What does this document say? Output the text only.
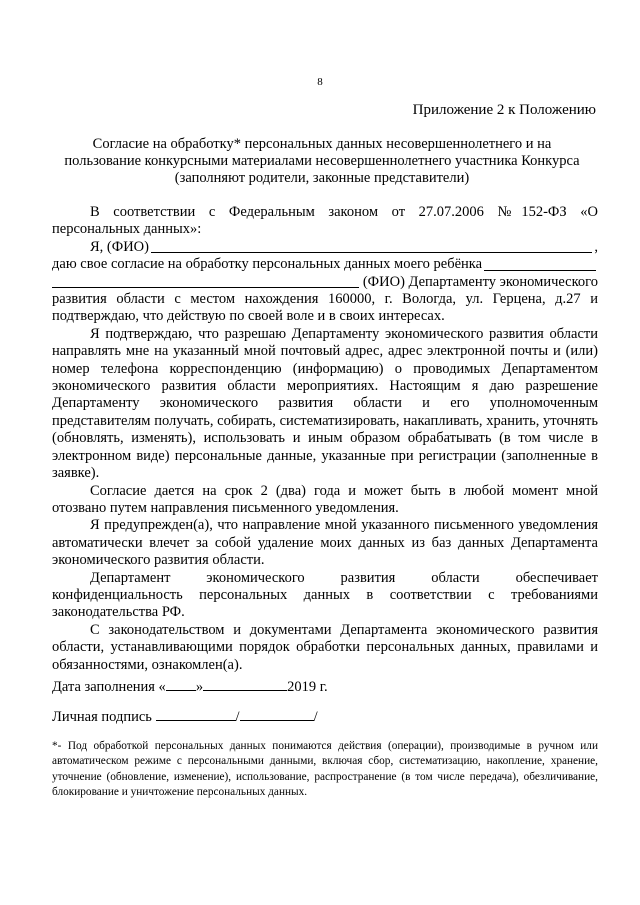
8
Приложение 2 к Положению
Согласие на обработку* персональных данных несовершеннолетнего и на
пользование конкурсными материалами несовершеннолетнего участника Конкурса
(заполняют родители, законные представители)

В соответствии с Федеральным законом от 27.07.2006 №152-ФЗ «О персональных данных»:

Я, (ФИО)	,
даю свое согласие на обработку персональных данных моего ребёнка
(ФИО) Департаменту экономического

развития области с местом нахождения 160000, г. Вологда, ул. Герцена, д.27 и подтверждаю, что действую по своей воле и в своих интересах.

Я подтверждаю, что разрешаю Департаменту экономического развития области направлять мне на указанный мной почтовый адрес, адрес электронной почты и (или) номер телефона корреспонденцию (информацию) о проводимых Департаментом экономического развития области мероприятиях. Настоящим я даю разрешение Департаменту экономического развития области и его уполномоченным представителям получать, собирать, систематизировать, накапливать, хранить, уточнять (обновлять, изменять), использовать и иным образом обрабатывать (в том числе в электронном виде) персональные данные, указанные при регистрации (заполненные в заявке).

Согласие дается на срок 2 (два) года и может быть в любой момент мной отозвано путем направления письменного уведомления.

Я предупрежден(а), что направление мной указанного письменного уведомления автоматически влечет за собой удаление моих данных из баз данных Департамента экономического развития области.

Департамент экономического развития области обеспечивает конфиденциальность персональных данных в соответствии с требованиями законодательства РФ.

С законодательством и документами Департамента экономического развития области, устанавливающими порядок обработки персональных данных, правилами и обязанностями, ознакомлен(а).

Дата заполнения « »	2019 г.
Личная подпись	/	/
*- Под обработкой персональных данных понимаются действия (операции), производимые в ручном или автоматическом режиме с персональными данными, включая сбор, систематизацию, накопление, хранение, уточнение (обновление, изменение), использование, распространение (в том числе передача), обезличивание, блокирование и уничтожение персональных данных.
